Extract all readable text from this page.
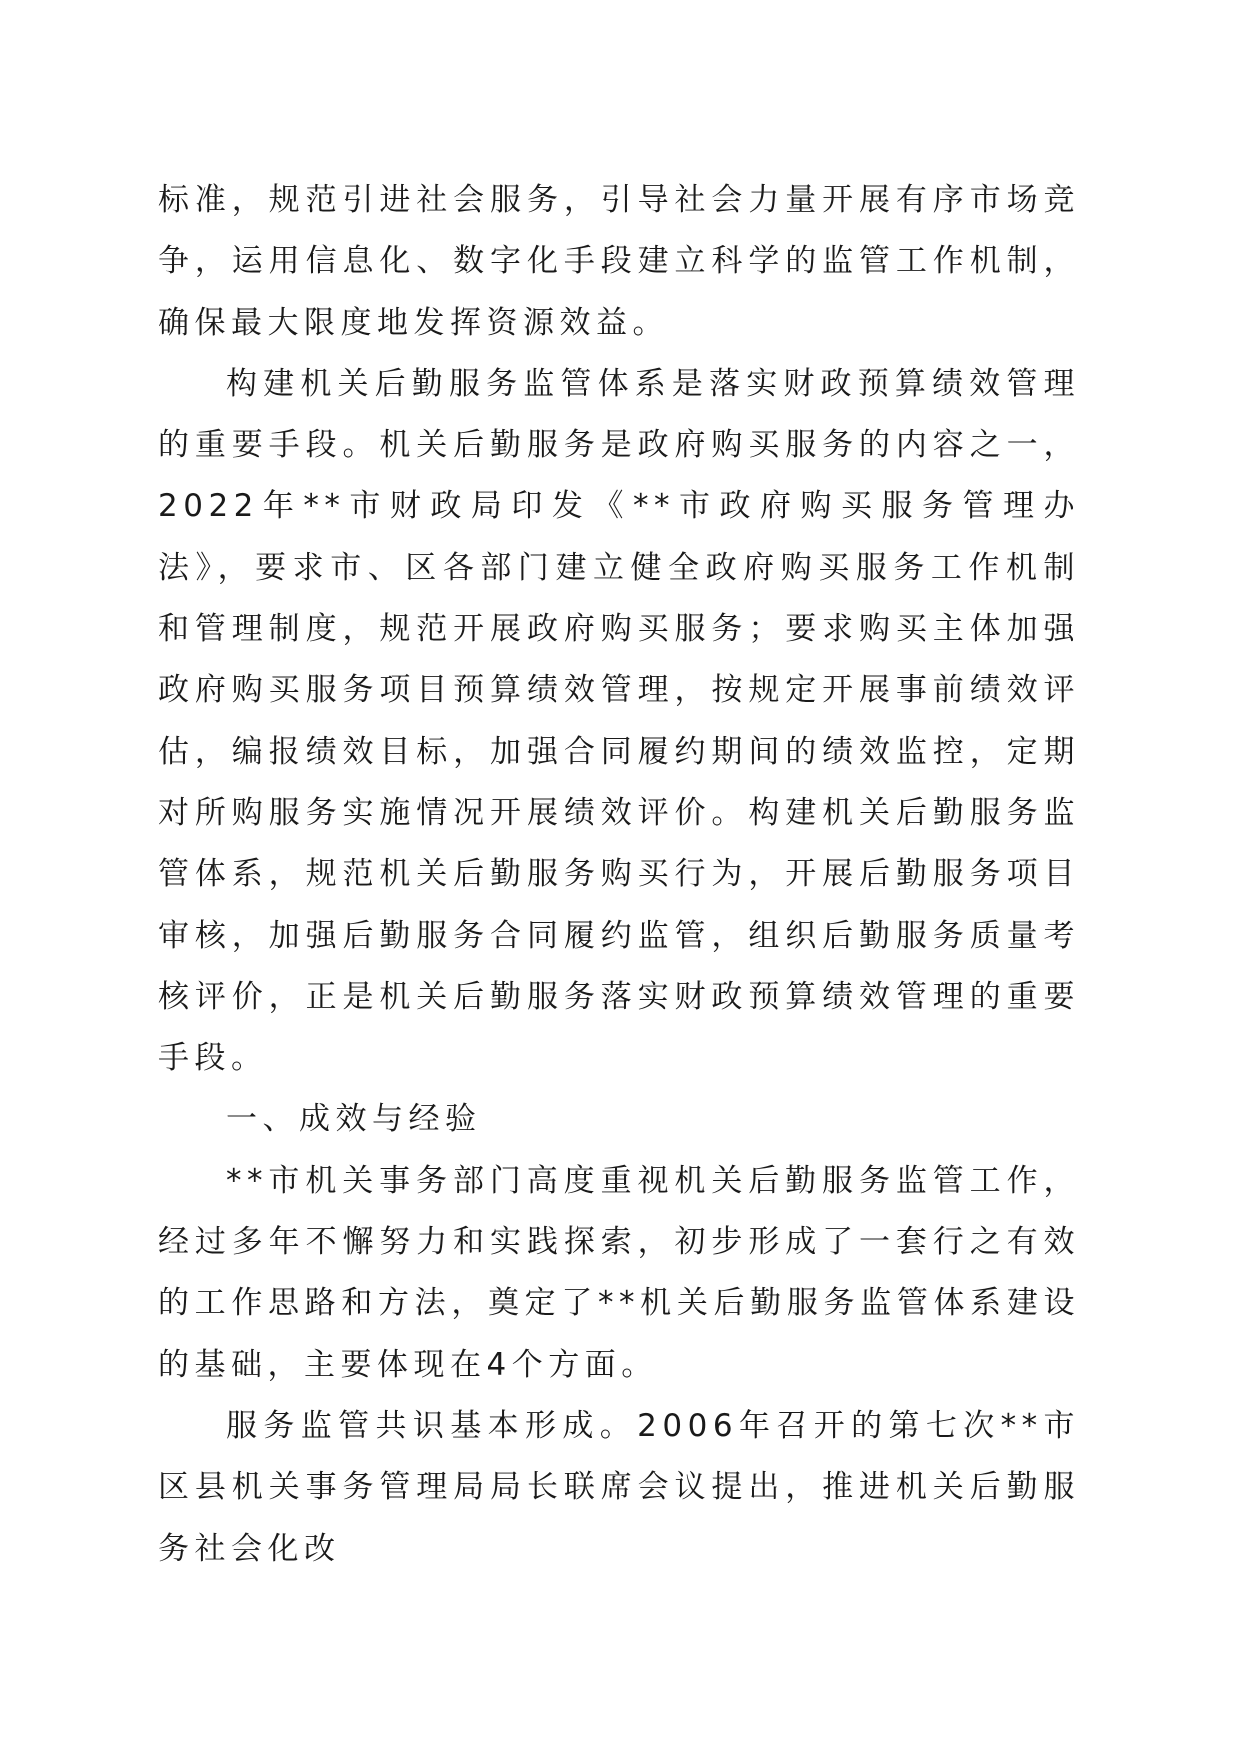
标准，规范引进社会服务，引导社会力量开展有序市场竞争，运用信息化、数字化手段建立科学的监管工作机制，确保最大限度地发挥资源效益。

构建机关后勤服务监管体系是落实财政预算绩效管理的重要手段。机关后勤服务是政府购买服务的内容之一，2022年**市财政局印发《**市政府购买服务管理办法》，要求市、区各部门建立健全政府购买服务工作机制和管理制度，规范开展政府购买服务；要求购买主体加强政府购买服务项目预算绩效管理，按规定开展事前绩效评估，编报绩效目标，加强合同履约期间的绩效监控，定期对所购服务实施情况开展绩效评价。构建机关后勤服务监管体系，规范机关后勤服务购买行为，开展后勤服务项目审核，加强后勤服务合同履约监管，组织后勤服务质量考核评价，正是机关后勤服务落实财政预算绩效管理的重要手段。

一、成效与经验

**市机关事务部门高度重视机关后勤服务监管工作，经过多年不懈努力和实践探索，初步形成了一套行之有效的工作思路和方法，奠定了**机关后勤服务监管体系建设的基础，主要体现在4个方面。

服务监管共识基本形成。2006年召开的第七次**市区县机关事务管理局局长联席会议提出，推进机关后勤服务社会化改
